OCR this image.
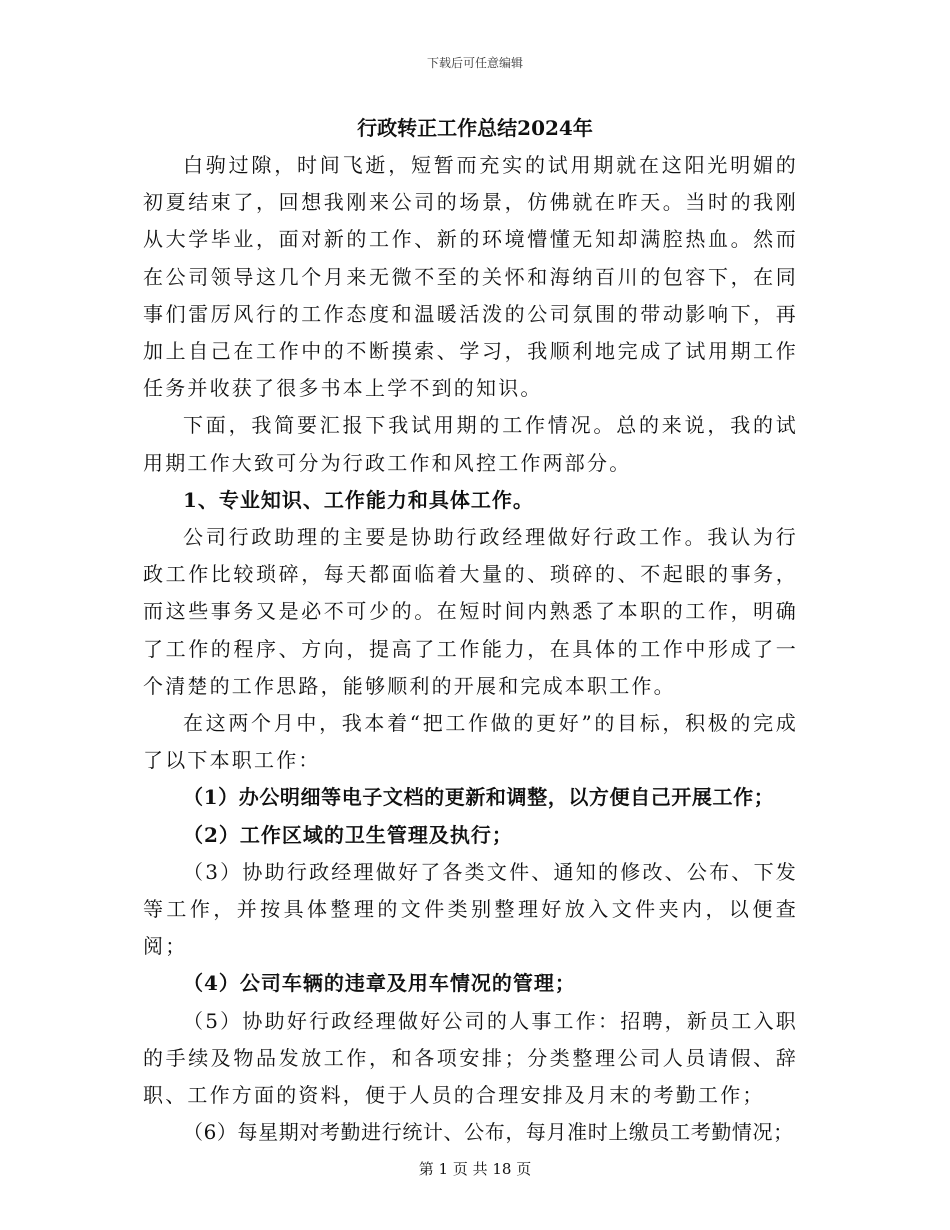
下载后可任意编辑
行政转正工作总结2024年

白驹过隙，时间飞逝，短暂而充实的试用期就在这阳光明媚的初夏结束了，回想我刚来公司的场景，仿佛就在昨天。当时的我刚从大学毕业，面对新的工作、新的环境懵懂无知却满腔热血。然而在公司领导这几个月来无微不至的关怀和海纳百川的包容下，在同事们雷厉风行的工作态度和温暖活泼的公司氛围的带动影响下，再加上自己在工作中的不断摸索、学习，我顺利地完成了试用期工作任务并收获了很多书本上学不到的知识。

下面，我简要汇报下我试用期的工作情况。总的来说，我的试用期工作大致可分为行政工作和风控工作两部分。

1、专业知识、工作能力和具体工作。

公司行政助理的主要是协助行政经理做好行政工作。我认为行政工作比较琐碎，每天都面临着大量的、琐碎的、不起眼的事务，而这些事务又是必不可少的。在短时间内熟悉了本职的工作，明确了工作的程序、方向，提高了工作能力，在具体的工作中形成了一个清楚的工作思路，能够顺利的开展和完成本职工作。

在这两个月中，我本着“把工作做的更好”的目标，积极的完成了以下本职工作：

（1）办公明细等电子文档的更新和调整，以方便自己开展工作；

（2）工作区域的卫生管理及执行；

（3）协助行政经理做好了各类文件、通知的修改、公布、下发等工作，并按具体整理的文件类别整理好放入文件夹内，以便查阅；

（4）公司车辆的违章及用车情况的管理；

（5）协助好行政经理做好公司的人事工作：招聘，新员工入职的手续及物品发放工作，和各项安排；分类整理公司人员请假、辞职、工作方面的资料，便于人员的合理安排及月末的考勤工作；

（6）每星期对考勤进行统计、公布，每月准时上缴员工考勤情况；

第 1 页 共 18 页
